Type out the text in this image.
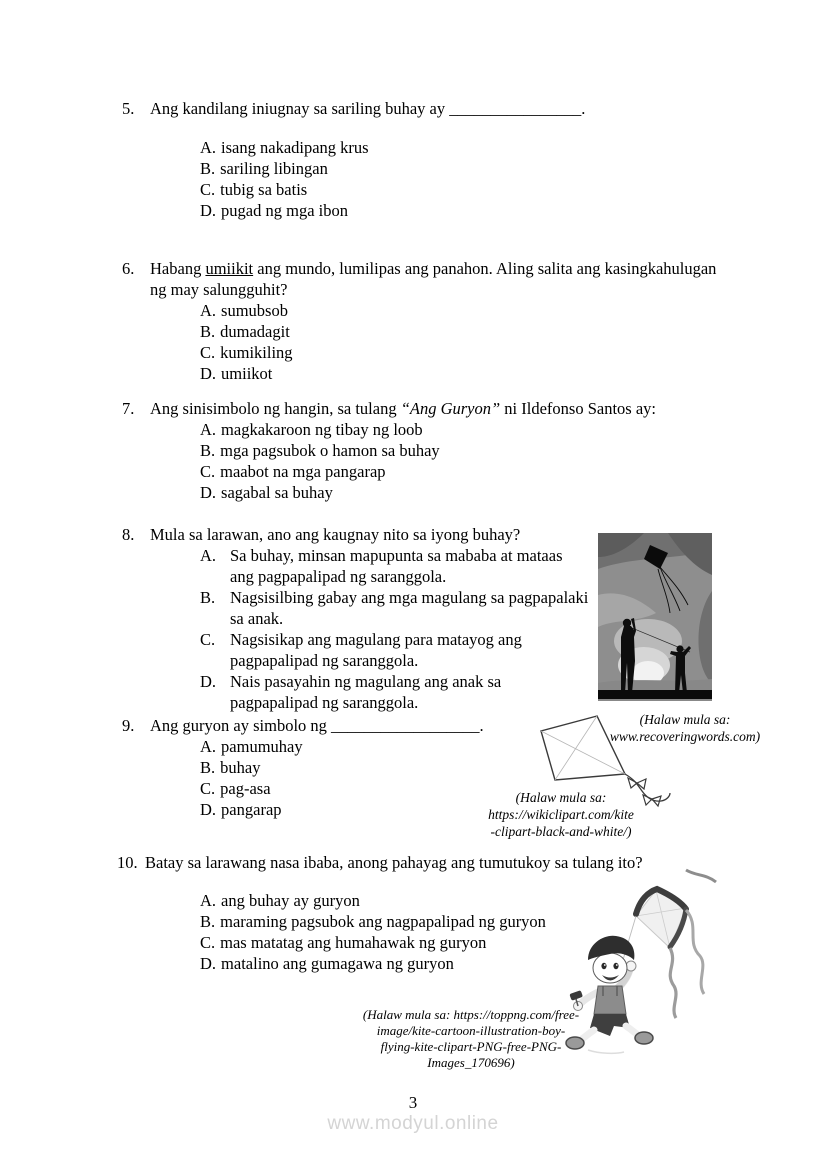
5. Ang kandilang iniugnay sa sariling buhay ay ________________.
A. isang nakadipang krus
B. sariling libingan
C. tubig sa batis
D. pugad ng mga ibon
6. Habang umiikit ang mundo, lumilipas ang panahon. Aling salita ang kasingkahulugan
ng may salungguhit?
A. sumubsob
B. dumadagit
C. kumikiling
D. umiikot
7. Ang sinisimbolo ng hangin, sa tulang “Ang Guryon” ni Ildefonso Santos ay:
A. magkakaroon ng tibay ng loob
B. mga pagsubok o hamon sa buhay
C. maabot na mga pangarap
D. sagabal sa buhay
8. Mula sa larawan, ano ang kaugnay nito sa iyong buhay?
A. Sa buhay, minsan mapupunta sa mababa at mataas
ang pagpapalipad ng saranggola.
B. Nagsisilbing gabay ang mga magulang sa pagpapalaki
sa anak.
C. Nagsisikap ang magulang para matayog ang
pagpapalipad ng saranggola.
D. Nais pasayahin ng magulang ang anak sa
pagpapalipad ng saranggola.
9. Ang guryon ay simbolo ng __________________.
A. pamumuhay
B. buhay
C. pag-asa
D. pangarap
10. Batay sa larawang nasa ibaba, anong pahayag ang tumutukoy sa tulang ito?
A. ang buhay ay guryon
B. maraming pagsubok ang nagpapalipad ng guryon
C. mas matatag ang humahawak ng guryon
D. matalino ang gumagawa ng guryon
(Halaw mula sa:
www.recoveringwords.com)
(Halaw mula sa:
https://wikiclipart.com/kite
-clipart-black-and-white/)
(Halaw mula sa: https://toppng.com/free-
image/kite-cartoon-illustration-boy-
flying-kite-clipart-PNG-free-PNG-
Images_170696)
3
www.modyul.online
